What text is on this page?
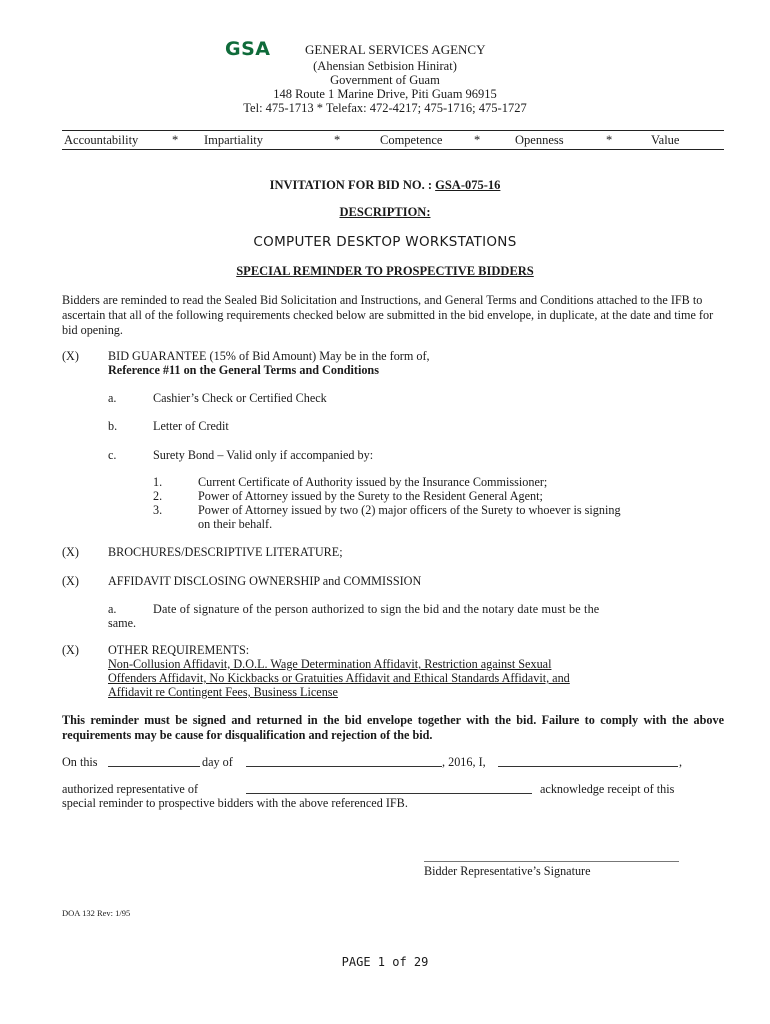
GSA	GENERAL SERVICES AGENCY
(Ahensian Setbision Hinirat)
Government of Guam
148 Route 1 Marine Drive, Piti Guam 96915
Tel: 475-1713 * Telefax: 472-4217; 475-1716; 475-1727
Accountability	* Impartiality	*	Competence	*	Openness	*	Value
INVITATION FOR BID NO. : GSA-075-16
DESCRIPTION:
COMPUTER DESKTOP WORKSTATIONS
SPECIAL REMINDER TO PROSPECTIVE BIDDERS
Bidders are reminded to read the Sealed Bid Solicitation and Instructions, and General Terms and Conditions attached to the IFB to ascertain that all of the following requirements checked below are submitted in the bid envelope, in duplicate, at the date and time for bid opening.
(X) BID GUARANTEE (15% of Bid Amount) May be in the form of,
Reference #11 on the General Terms and Conditions
a.	Cashier’s Check or Certified Check
b.	Letter of Credit
c.	Surety Bond – Valid only if accompanied by:
1.	Current Certificate of Authority issued by the Insurance Commissioner;
2.	Power of Attorney issued by the Surety to the Resident General Agent;
3.	Power of Attorney issued by two (2) major officers of the Surety to whoever is signing
on their behalf.
(X) BROCHURES/DESCRIPTIVE LITERATURE;
(X) AFFIDAVIT DISCLOSING OWNERSHIP and COMMISSION
a.	Date of signature of the person authorized to sign the bid and the notary date must be the
same.
(X) OTHER REQUIREMENTS:
Non-Collusion Affidavit, D.O.L. Wage Determination Affidavit, Restriction against Sexual
Offenders Affidavit, No Kickbacks or Gratuities Affidavit and Ethical Standards Affidavit, and
Affidavit re Contingent Fees, Business License
This reminder must be signed and returned in the bid envelope together with the bid. Failure to comply with the above requirements may be cause for disqualification and rejection of the bid.
On this	day of	, 2016, I,	,
authorized representative of	acknowledge receipt of this
special reminder to prospective bidders with the above referenced IFB.
Bidder Representative’s Signature
DOA 132 Rev: 1/95
PAGE 1 of 29
